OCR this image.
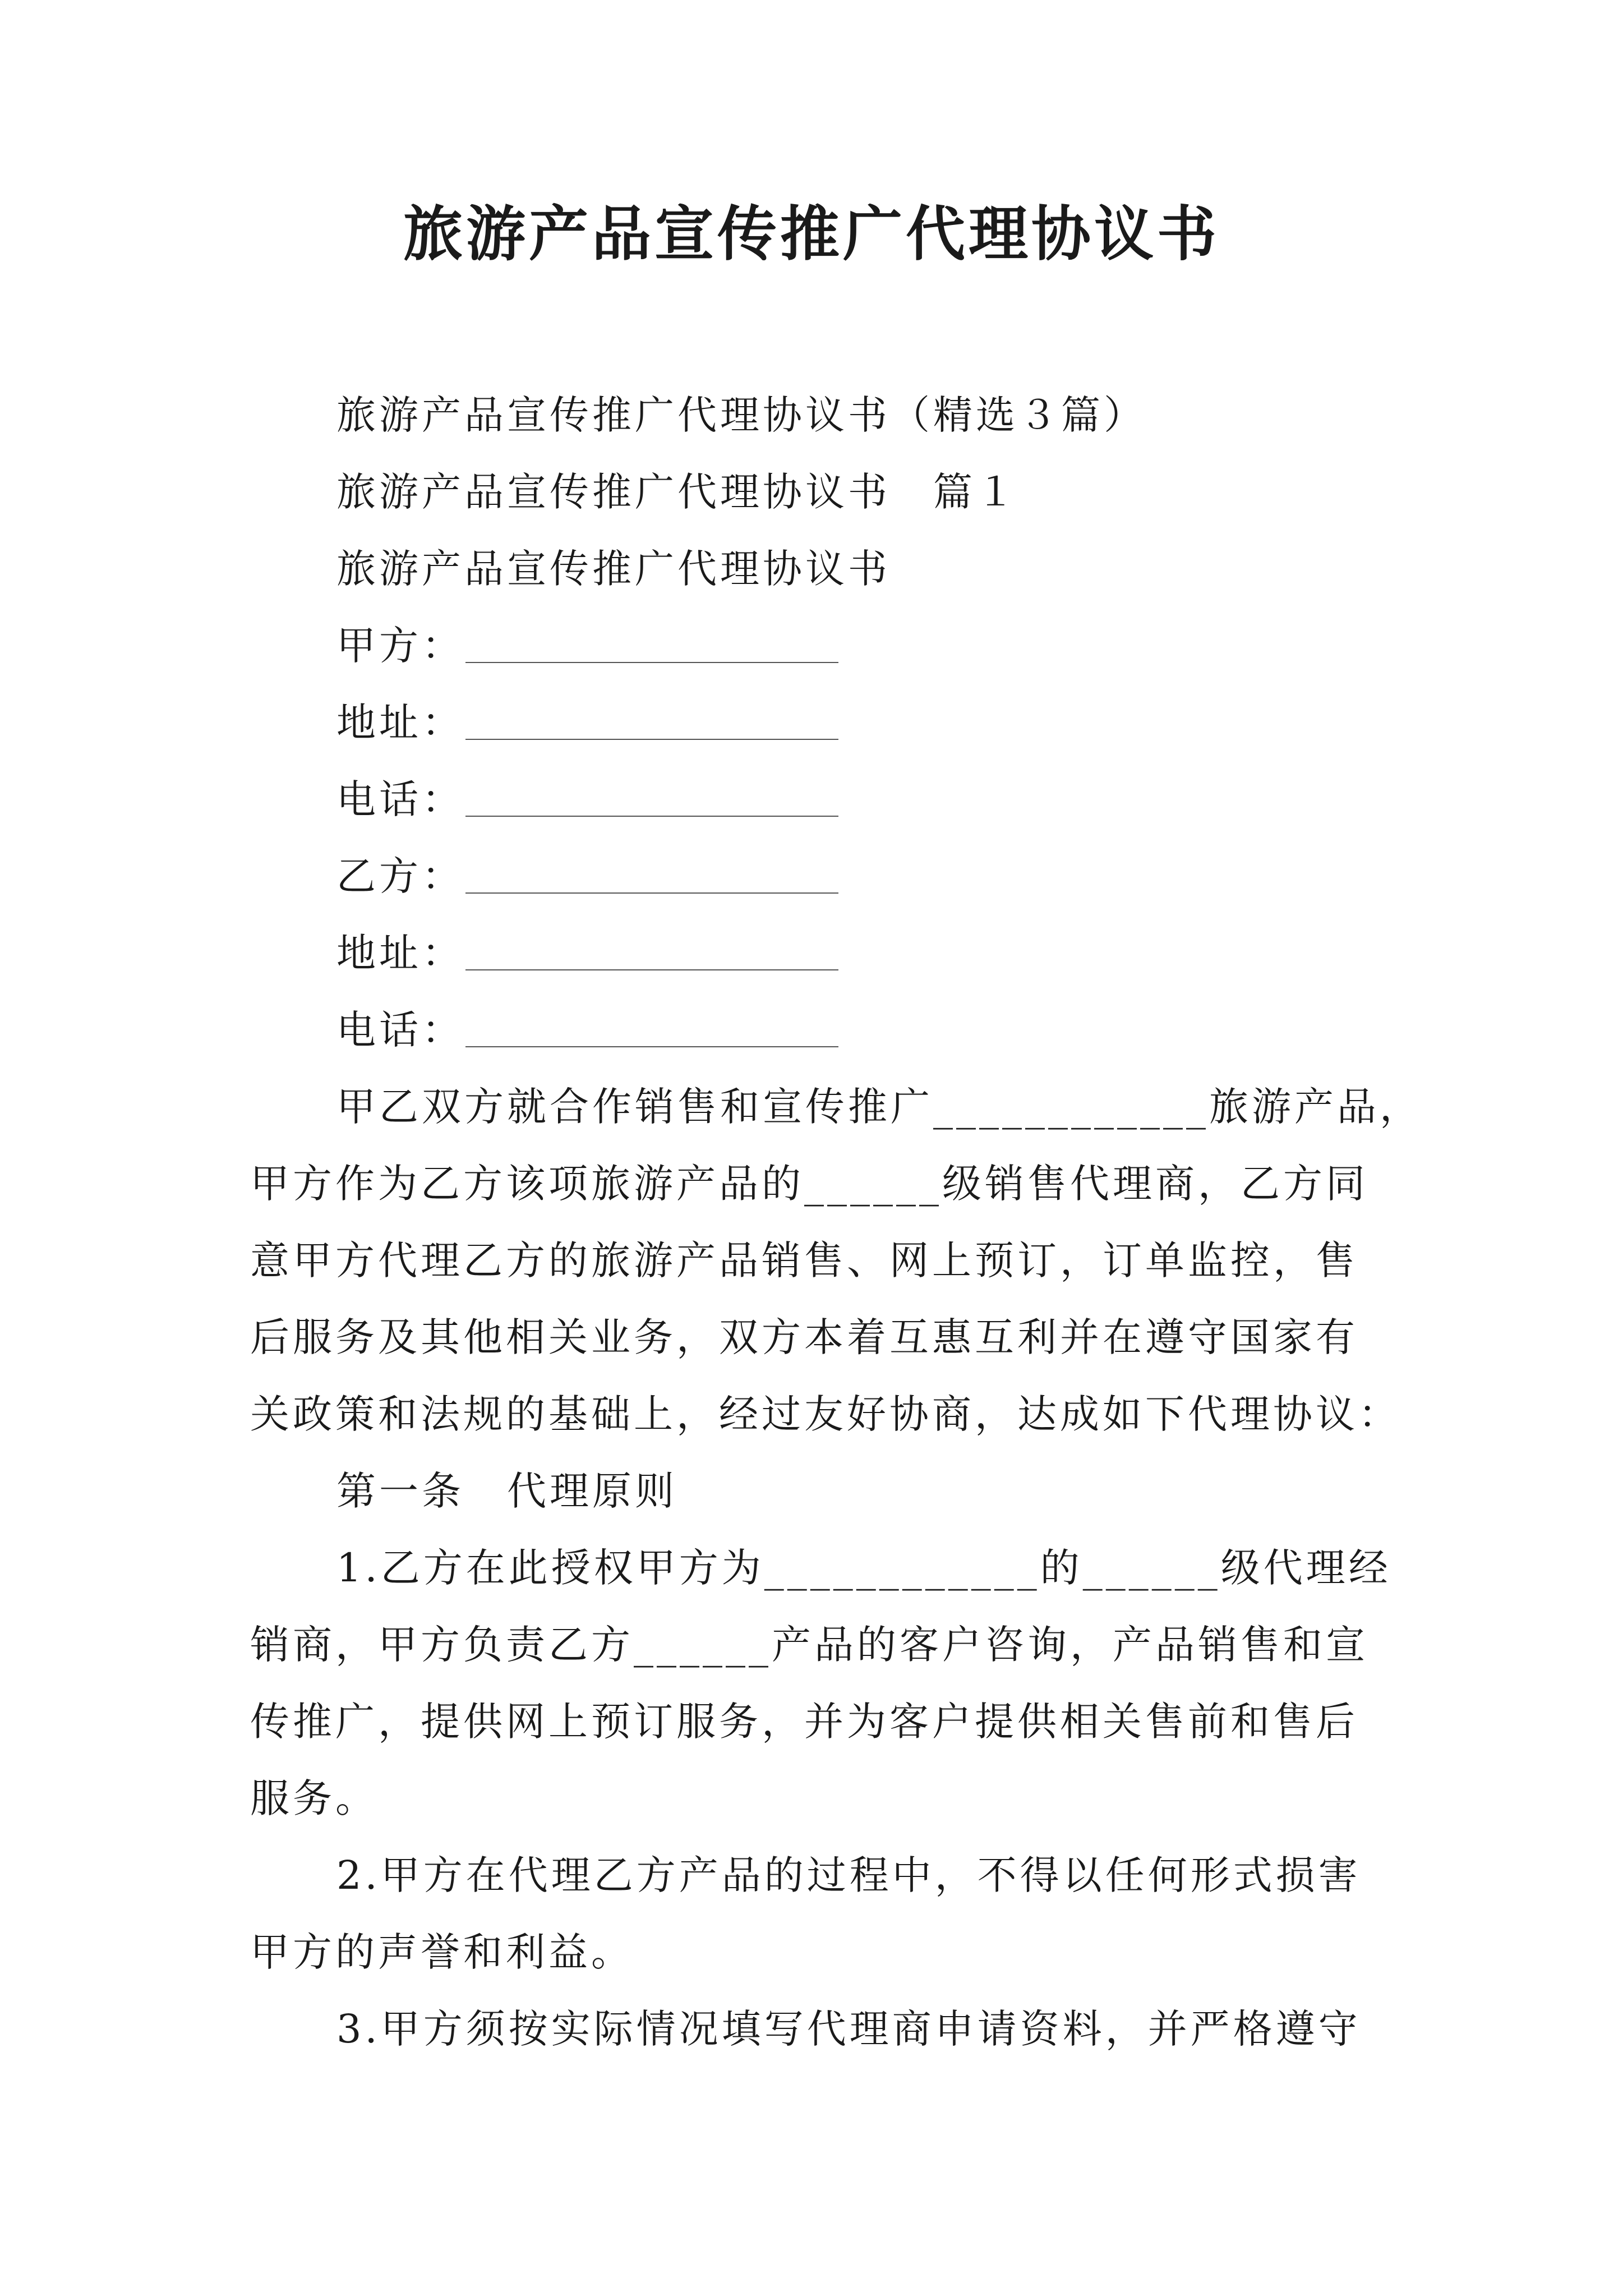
旅游产品宣传推广代理协议书
旅游产品宣传推广代理协议书（精选３篇）
旅游产品宣传推广代理协议书　篇１
旅游产品宣传推广代理协议书
甲方：
地址：
电话：
乙方：
地址：
电话：
甲乙双方就合作销售和宣传推广____________旅游产品，
甲方作为乙方该项旅游产品的______级销售代理商，乙方同
意甲方代理乙方的旅游产品销售、网上预订，订单监控，售
后服务及其他相关业务，双方本着互惠互利并在遵守国家有
关政策和法规的基础上，经过友好协商，达成如下代理协议：
第一条　代理原则
1.乙方在此授权甲方为____________的______级代理经
销商，甲方负责乙方______产品的客户咨询，产品销售和宣
传推广，提供网上预订服务，并为客户提供相关售前和售后
服务。
2.甲方在代理乙方产品的过程中，不得以任何形式损害
甲方的声誉和利益。
3.甲方须按实际情况填写代理商申请资料，并严格遵守
